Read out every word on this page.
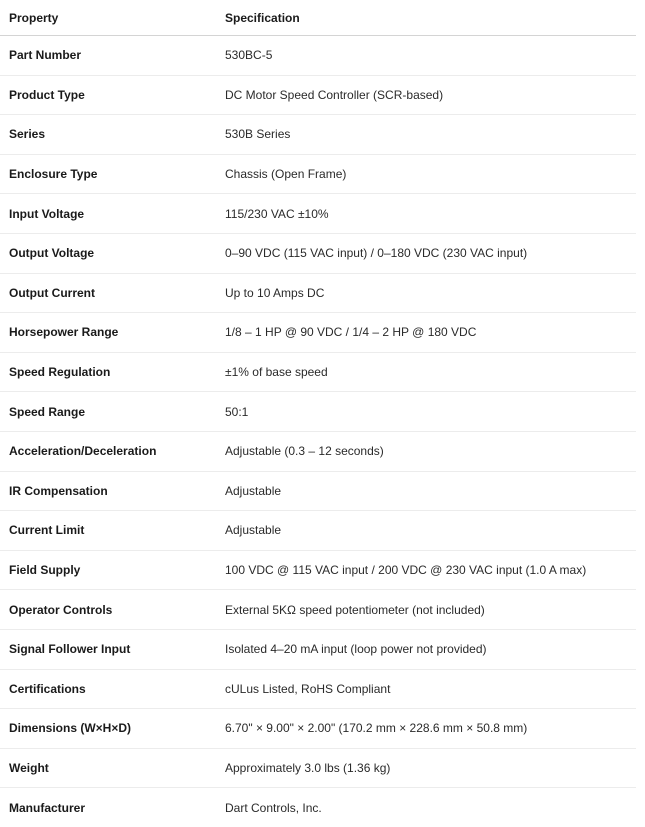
Property	Specification
Part Number	530BC-5
Product Type	DC Motor Speed Controller (SCR-based)
Series	530B Series
Enclosure Type	Chassis (Open Frame)
Input Voltage	115/230 VAC ±10%
Output Voltage	0–90 VDC (115 VAC input) / 0–180 VDC (230 VAC input)
Output Current	Up to 10 Amps DC
Horsepower Range	1/8 – 1 HP @ 90 VDC / 1/4 – 2 HP @ 180 VDC
Speed Regulation	±1% of base speed
Speed Range	50:1
Acceleration/Deceleration	Adjustable (0.3 – 12 seconds)
IR Compensation	Adjustable
Current Limit	Adjustable
Field Supply	100 VDC @ 115 VAC input / 200 VDC @ 230 VAC input (1.0 A max)
Operator Controls	External 5KΩ speed potentiometer (not included)
Signal Follower Input	Isolated 4–20 mA input (loop power not provided)
Certifications	cULus Listed, RoHS Compliant
Dimensions (W×H×D)	6.70" × 9.00" × 2.00" (170.2 mm × 228.6 mm × 50.8 mm)
Weight	Approximately 3.0 lbs (1.36 kg)
Manufacturer	Dart Controls, Inc.
